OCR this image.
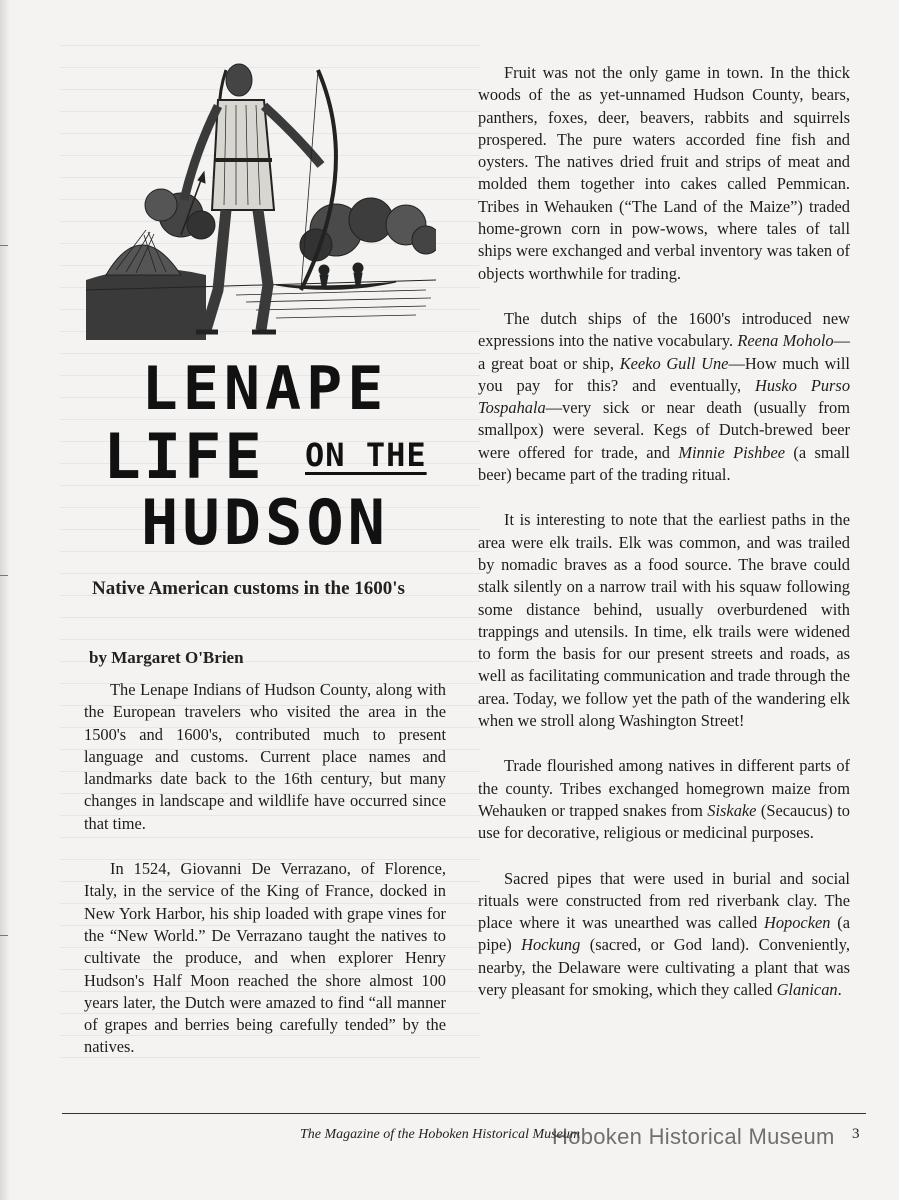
LENAPE
LIFE ON THE
HUDSON
Native American customs in the 1600's
by Margaret O'Brien

The Lenape Indians of Hudson County, along with the European travelers who visited the area in the 1500's and 1600's, contributed much to present language and customs. Current place names and landmarks date back to the 16th century, but many changes in landscape and wildlife have occurred since that time.

In 1524, Giovanni De Verrazano, of Florence, Italy, in the service of the King of France, docked in New York Harbor, his ship loaded with grape vines for the “New World.” De Verrazano taught the natives to cultivate the produce, and when explorer Henry Hudson's Half Moon reached the shore almost 100 years later, the Dutch were amazed to find “all manner of grapes and berries being carefully tended” by the natives.

Fruit was not the only game in town. In the thick woods of the as yet-unnamed Hudson County, bears, panthers, foxes, deer, beavers, rabbits and squirrels prospered. The pure waters accorded fine fish and oysters. The natives dried fruit and strips of meat and molded them together into cakes called Pemmican. Tribes in Wehauken (“The Land of the Maize”) traded home-grown corn in pow-wows, where tales of tall ships were exchanged and verbal inventory was taken of objects worthwhile for trading.

The dutch ships of the 1600's introduced new expressions into the native vocabulary. Reena Moholo—a great boat or ship, Keeko Gull Une—How much will you pay for this? and eventually, Husko Purso Tospahala—very sick or near death (usually from smallpox) were several. Kegs of Dutch-brewed beer were offered for trade, and Minnie Pishbee (a small beer) became part of the trading ritual.

It is interesting to note that the earliest paths in the area were elk trails. Elk was common, and was trailed by nomadic braves as a food source. The brave could stalk silently on a narrow trail with his squaw following some distance behind, usually overburdened with trappings and utensils. In time, elk trails were widened to form the basis for our present streets and roads, as well as facilitating communication and trade through the area. Today, we follow yet the path of the wandering elk when we stroll along Washington Street!

Trade flourished among natives in different parts of the county. Tribes exchanged homegrown maize from Wehauken or trapped snakes from Siskake (Secaucus) to use for decorative, religious or medicinal purposes.

Sacred pipes that were used in burial and social rituals were constructed from red riverbank clay. The place where it was unearthed was called Hopocken (a pipe) Hockung (sacred, or God land). Conveniently, nearby, the Delaware were cultivating a plant that was very pleasant for smoking, which they called Glanican.

The Magazine of the Hoboken Historical Museum
Hoboken Historical Museum 3
